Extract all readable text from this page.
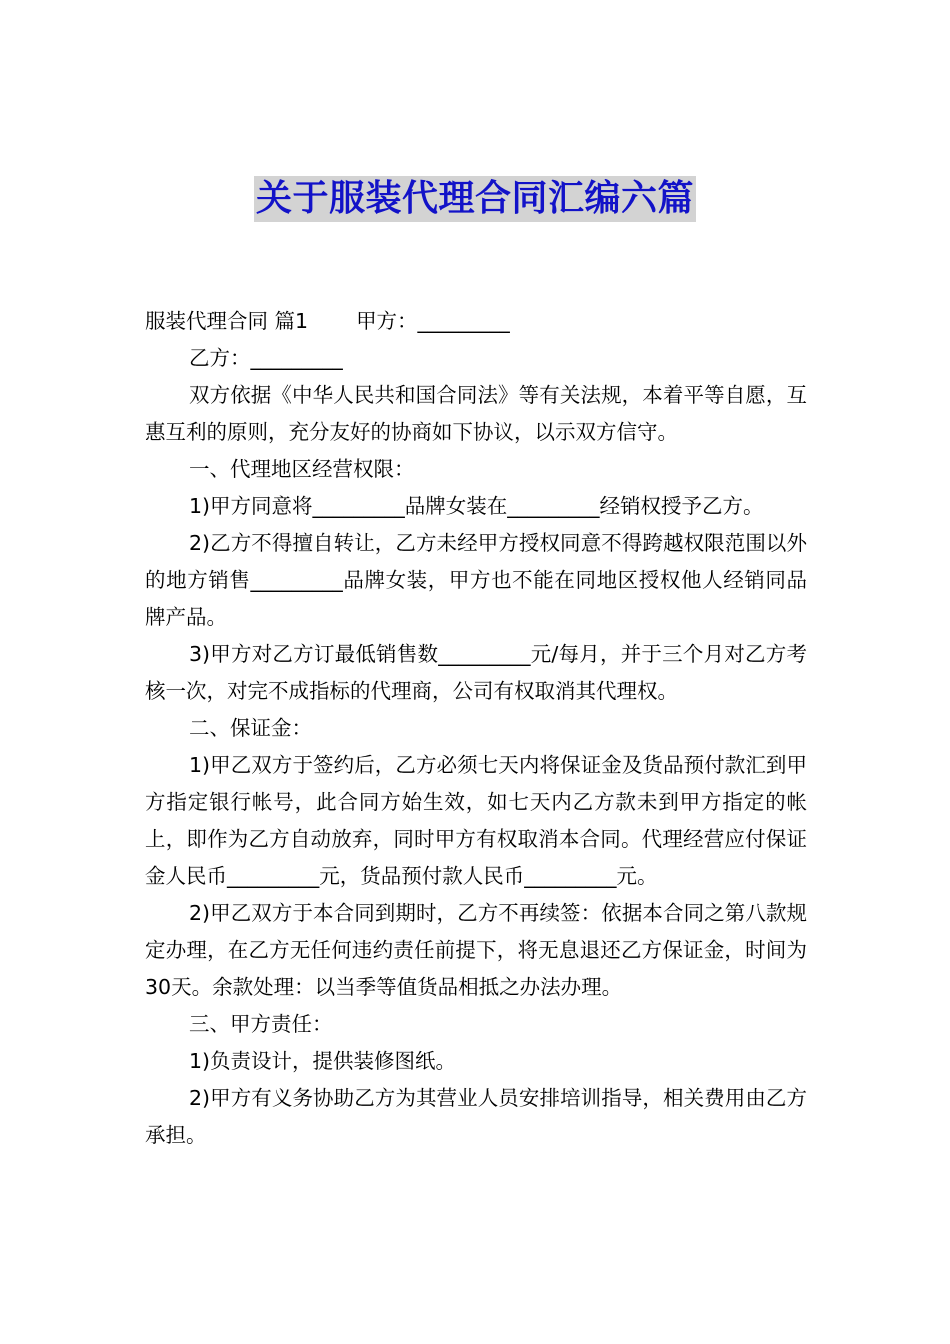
关于服装代理合同汇编六篇

服装代理合同 篇1 甲方：_________

乙方：_________

双方依据《中华人民共和国合同法》等有关法规，本着平等自愿，互惠互利的原则，充分友好的协商如下协议，以示双方信守。

一、代理地区经营权限：

1)甲方同意将_________品牌女装在_________经销权授予乙方。

2)乙方不得擅自转让，乙方未经甲方授权同意不得跨越权限范围以外的地方销售_________品牌女装，甲方也不能在同地区授权他人经销同品牌产品。

3)甲方对乙方订最低销售数_________元/每月，并于三个月对乙方考核一次，对完不成指标的代理商，公司有权取消其代理权。

二、保证金：

1)甲乙双方于签约后，乙方必须七天内将保证金及货品预付款汇到甲方指定银行帐号，此合同方始生效，如七天内乙方款未到甲方指定的帐上，即作为乙方自动放弃，同时甲方有权取消本合同。代理经营应付保证金人民币_________元，货品预付款人民币_________元。

2)甲乙双方于本合同到期时，乙方不再续签：依据本合同之第八款规定办理，在乙方无任何违约责任前提下，将无息退还乙方保证金，时间为30天。余款处理：以当季等值货品相抵之办法办理。

三、甲方责任：

1)负责设计，提供装修图纸。

2)甲方有义务协助乙方为其营业人员安排培训指导，相关费用由乙方承担。
